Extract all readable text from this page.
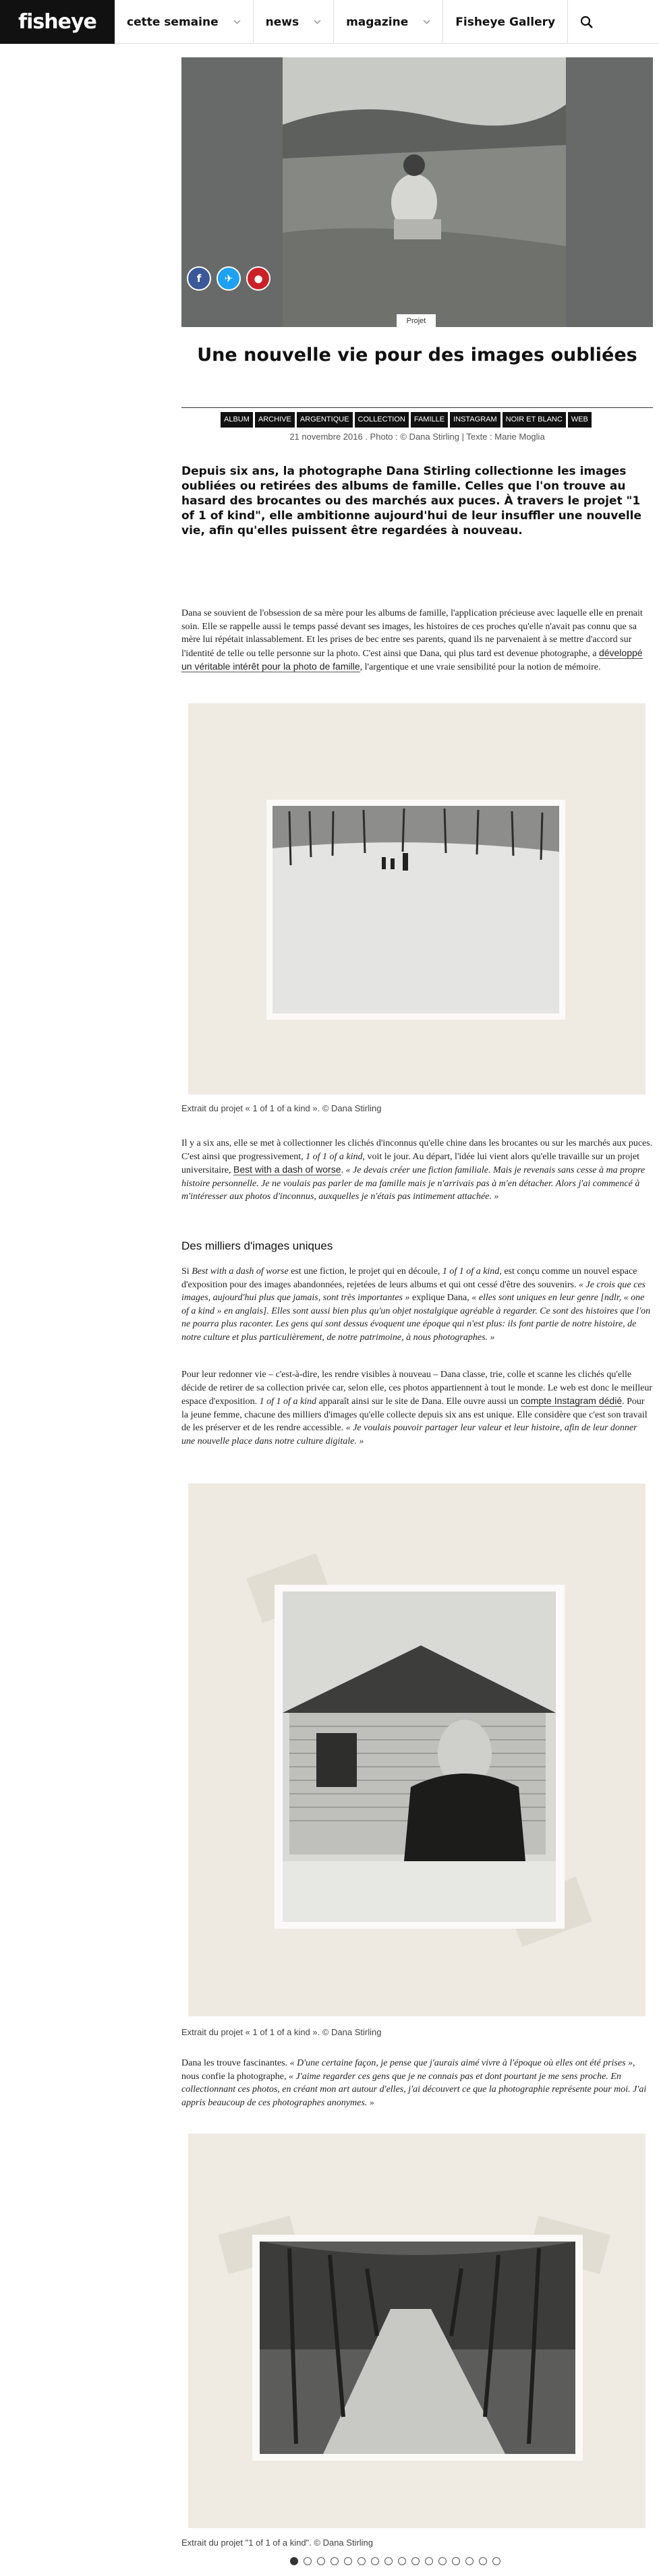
fisheye	cette semaine	news	magazine	Fisheye Gallery
f ✈ ●
Projet
Une nouvelle vie pour des images oubliées
ALBUM	ARCHIVE	ARGENTIQUE	COLLECTION	FAMILLE	INSTAGRAM	NOIR ET BLANC	WEB
21 novembre 2016 . Photo : © Dana Stirling | Texte : Marie Moglia
Depuis six ans, la photographe Dana Stirling collectionne les images oubliées ou retirées des albums de famille. Celles que l'on trouve au hasard des brocantes ou des marchés aux puces. À travers le projet "1 of 1 of kind", elle ambitionne aujourd'hui de leur insuffler une nouvelle vie, afin qu'elles puissent être regardées à nouveau.
Dana se souvient de l'obsession de sa mère pour les albums de famille, l'application précieuse avec laquelle elle en prenait soin. Elle se rappelle aussi le temps passé devant ses images, les histoires de ces proches qu'elle n'avait pas connu que sa mère lui répétait inlassablement. Et les prises de bec entre ses parents, quand ils ne parvenaient à se mettre d'accord sur l'identité de telle ou telle personne sur la photo. C'est ainsi que Dana, qui plus tard est devenue photographe, a développé un véritable intérêt pour la photo de famille, l'argentique et une vraie sensibilité pour la notion de mémoire.
Extrait du projet « 1 of 1 of a kind ». © Dana Stirling
Il y a six ans, elle se met à collectionner les clichés d'inconnus qu'elle chine dans les brocantes ou sur les marchés aux puces. C'est ainsi que progressivement, 1 of 1 of a kind, voit le jour. Au départ, l'idée lui vient alors qu'elle travaille sur un projet universitaire, Best with a dash of worse. « Je devais créer une fiction familiale. Mais je revenais sans cesse à ma propre histoire personnelle. Je ne voulais pas parler de ma famille mais je n'arrivais pas à m'en détacher. Alors j'ai commencé à m'intéresser aux photos d'inconnus, auxquelles je n'étais pas intimement attachée. »
Des milliers d'images uniques
Si Best with a dash of worse est une fiction, le projet qui en découle, 1 of 1 of a kind, est conçu comme un nouvel espace d'exposition pour des images abandonnées, rejetées de leurs albums et qui ont cessé d'être des souvenirs. « Je crois que ces images, aujourd'hui plus que jamais, sont très importantes » explique Dana, « elles sont uniques en leur genre [ndlr, « one of a kind » en anglais]. Elles sont aussi bien plus qu'un objet nostalgique agréable à regarder. Ce sont des histoires que l'on ne pourra plus raconter. Les gens qui sont dessus évoquent une époque qui n'est plus: ils font partie de notre histoire, de notre culture et plus particulièrement, de notre patrimoine, à nous photographes. »
Pour leur redonner vie – c'est-à-dire, les rendre visibles à nouveau – Dana classe, trie, colle et scanne les clichés qu'elle décide de retirer de sa collection privée car, selon elle, ces photos appartiennent à tout le monde. Le web est donc le meilleur espace d'exposition. 1 of 1 of a kind apparaît ainsi sur le site de Dana. Elle ouvre aussi un compte Instagram dédié. Pour la jeune femme, chacune des milliers d'images qu'elle collecte depuis six ans est unique. Elle considère que c'est son travail de les préserver et de les rendre accessible. « Je voulais pouvoir partager leur valeur et leur histoire, afin de leur donner une nouvelle place dans notre culture digitale. »
Extrait du projet « 1 of 1 of a kind ». © Dana Stirling
Dana les trouve fascinantes. « D'une certaine façon, je pense que j'aurais aimé vivre à l'époque où elles ont été prises », nous confie la photographe, « J'aime regarder ces gens que je ne connais pas et dont pourtant je me sens proche. En collectionnant ces photos, en créant mon art autour d'elles, j'ai découvert ce que la photographie représente pour moi. J'ai appris beaucoup de ces photographes anonymes. »
Extrait du projet "1 of 1 of a kind". © Dana Stirling
